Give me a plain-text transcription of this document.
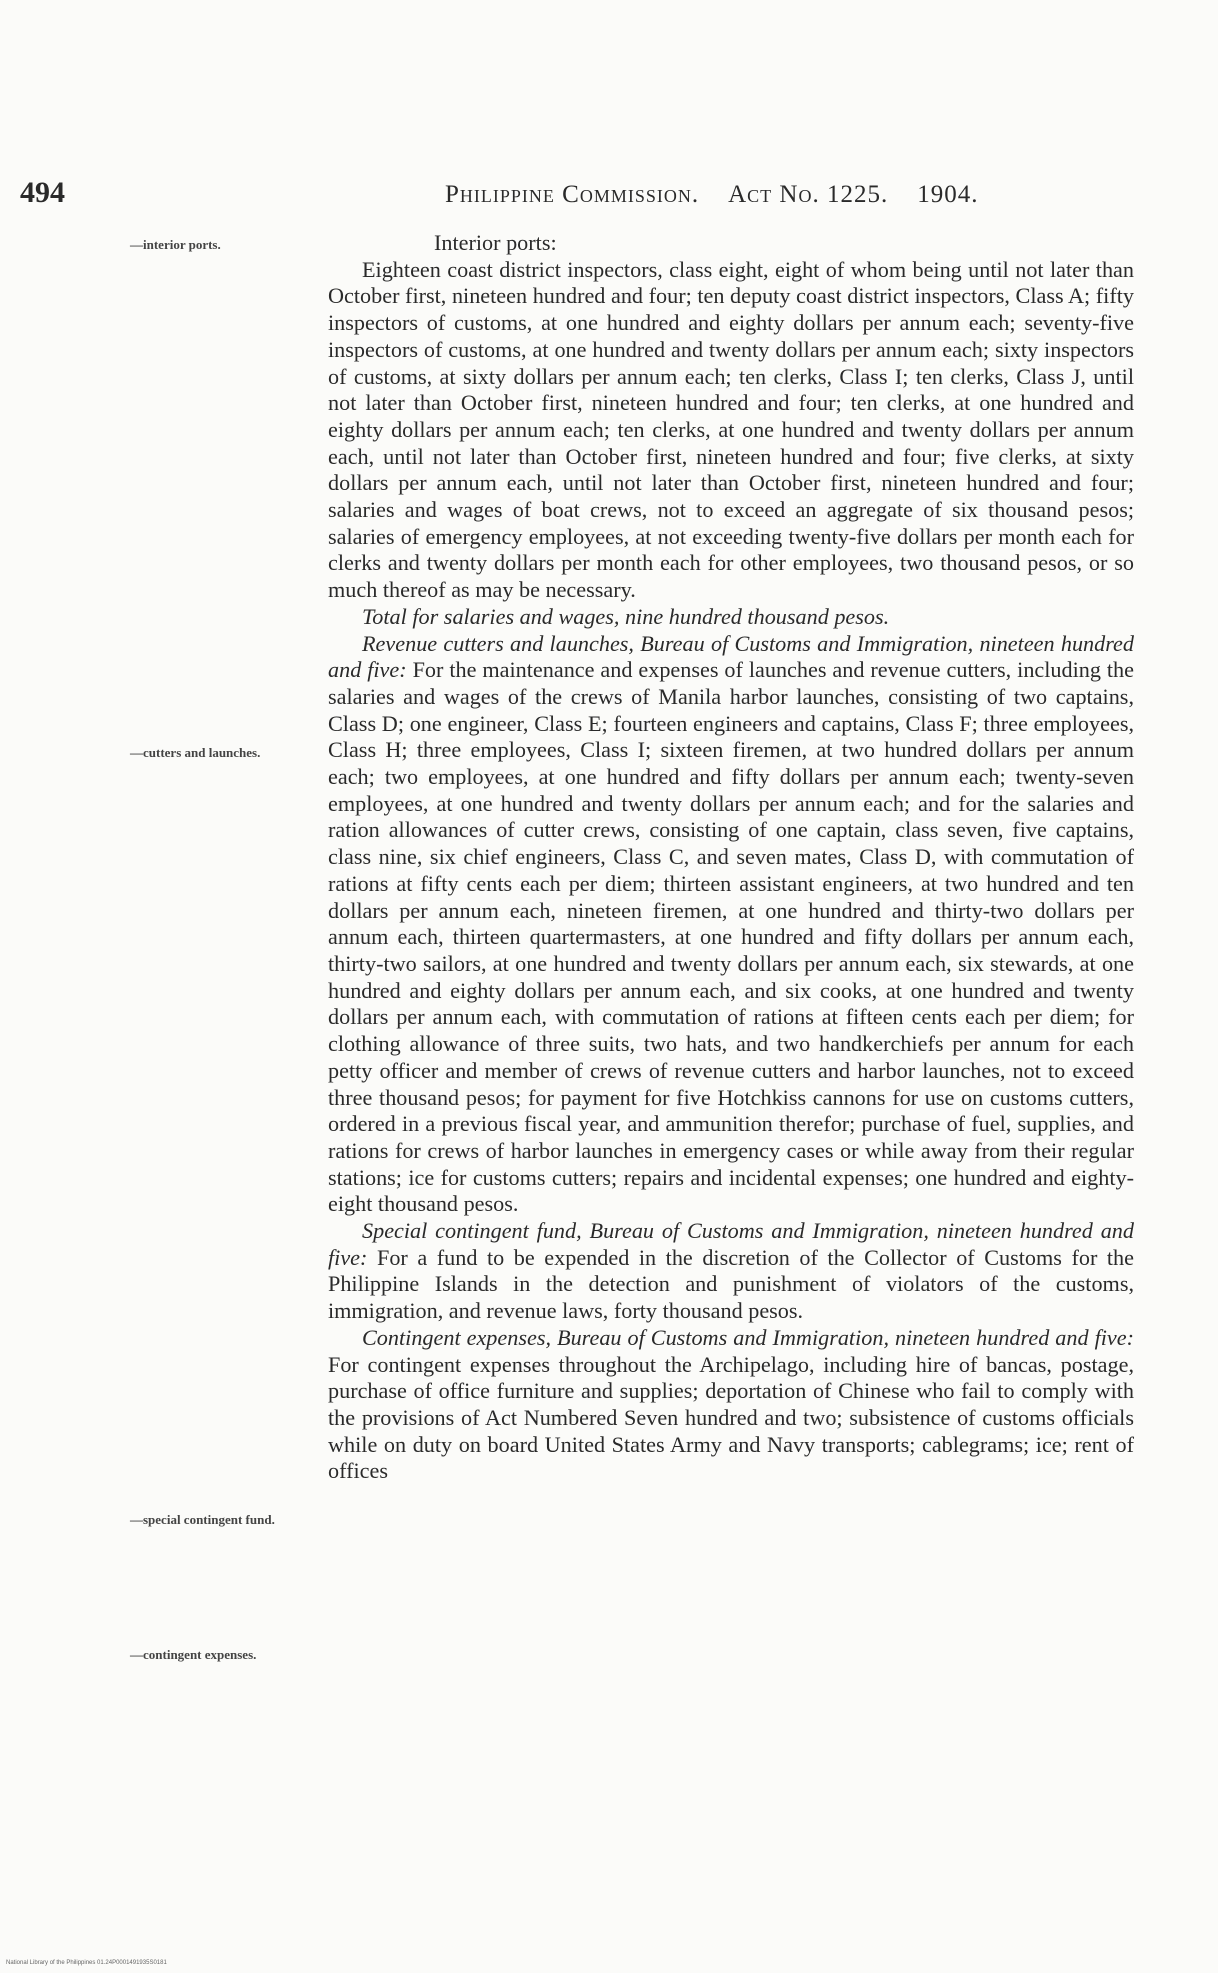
494	Philippine Commission. Act No. 1225. 1904.
—interior ports.
—cutters and launches.
—special contingent fund.
—contingent expenses.

Interior ports:

Eighteen coast district inspectors, class eight, eight of whom being until not later than October first, nineteen hundred and four; ten deputy coast district inspectors, Class A; fifty inspectors of customs, at one hundred and eighty dollars per annum each; seventy-five inspectors of customs, at one hundred and twenty dollars per annum each; sixty inspectors of customs, at sixty dollars per annum each; ten clerks, Class I; ten clerks, Class J, until not later than October first, nineteen hundred and four; ten clerks, at one hundred and eighty dollars per annum each; ten clerks, at one hundred and twenty dollars per annum each, until not later than October first, nineteen hundred and four; five clerks, at sixty dollars per annum each, until not later than October first, nineteen hundred and four; salaries and wages of boat crews, not to exceed an aggregate of six thousand pesos; salaries of emergency employees, at not exceeding twenty-five dollars per month each for clerks and twenty dollars per month each for other employees, two thousand pesos, or so much thereof as may be necessary.

Total for salaries and wages, nine hundred thousand pesos.

Revenue cutters and launches, Bureau of Customs and Immigration, nineteen hundred and five: For the maintenance and expenses of launches and revenue cutters, including the salaries and wages of the crews of Manila harbor launches, consisting of two captains, Class D; one engineer, Class E; fourteen engineers and captains, Class F; three employees, Class H; three employees, Class I; sixteen firemen, at two hundred dollars per annum each; two employees, at one hundred and fifty dollars per annum each; twenty-seven employees, at one hundred and twenty dollars per annum each; and for the salaries and ration allowances of cutter crews, consisting of one captain, class seven, five captains, class nine, six chief engineers, Class C, and seven mates, Class D, with commutation of rations at fifty cents each per diem; thirteen assistant engineers, at two hundred and ten dollars per annum each, nineteen firemen, at one hundred and thirty-two dollars per annum each, thirteen quartermasters, at one hundred and fifty dollars per annum each, thirty-two sailors, at one hundred and twenty dollars per annum each, six stewards, at one hundred and eighty dollars per annum each, and six cooks, at one hundred and twenty dollars per annum each, with commutation of rations at fifteen cents each per diem; for clothing allowance of three suits, two hats, and two handkerchiefs per annum for each petty officer and member of crews of revenue cutters and harbor launches, not to exceed three thousand pesos; for payment for five Hotchkiss cannons for use on customs cutters, ordered in a previous fiscal year, and ammunition therefor; purchase of fuel, supplies, and rations for crews of harbor launches in emergency cases or while away from their regular stations; ice for customs cutters; repairs and incidental expenses; one hundred and eighty-eight thousand pesos.

Special contingent fund, Bureau of Customs and Immigration, nineteen hundred and five: For a fund to be expended in the discretion of the Collector of Customs for the Philippine Islands in the detection and punishment of violators of the customs, immigration, and revenue laws, forty thousand pesos.

Contingent expenses, Bureau of Customs and Immigration, nineteen hundred and five: For contingent expenses throughout the Archipelago, including hire of bancas, postage, purchase of office furniture and supplies; deportation of Chinese who fail to comply with the provisions of Act Numbered Seven hundred and two; subsistence of customs officials while on duty on board United States Army and Navy transports; cablegrams; ice; rent of offices

National Library of the Philippines 01.24P0001491935S0181
